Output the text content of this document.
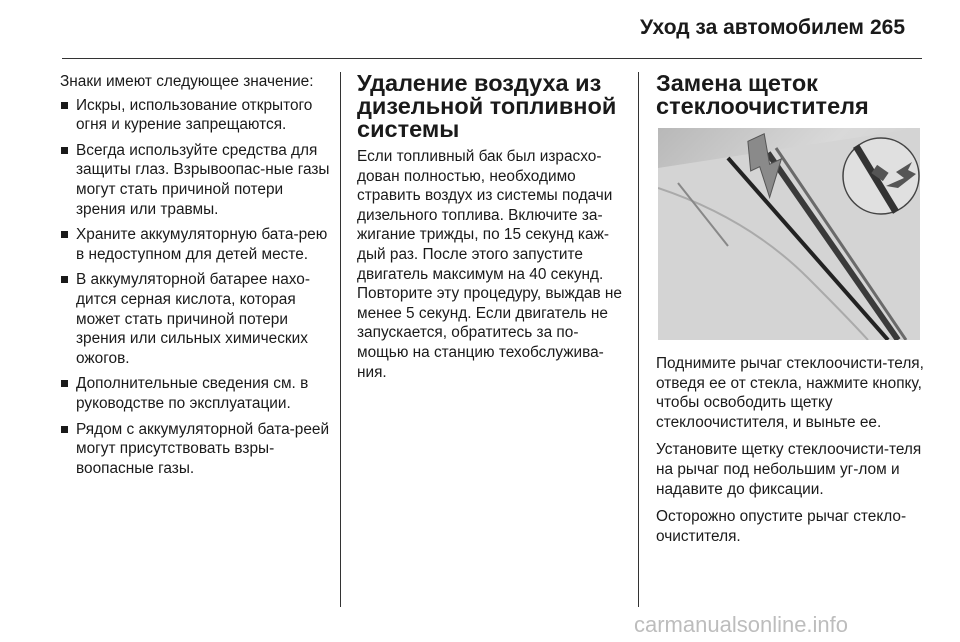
Уход за автомобилем 265

Знаки имеют следующее значение:

Искры, использование открытого огня и курение запрещаются.
Всегда используйте средства для защиты глаз. Взрывоопас-ные газы могут стать причиной потери зрения или травмы.
Храните аккумуляторную бата-рею в недоступном для детей месте.
В аккумуляторной батарее нахо-дится серная кислота, которая может стать причиной потери зрения или сильных химических ожогов.
Дополнительные сведения см. в руководстве по эксплуатации.
Рядом с аккумуляторной бата-реей могут присутствовать взры-воопасные газы.
Удаление воздуха из дизельной топливной системы

Если топливный бак был израсхо-дован полностью, необходимо стравить воздух из системы подачи дизельного топлива. Включите за-жигание трижды, по 15 секунд каж-дый раз. После этого запустите двигатель максимум на 40 секунд. Повторите эту процедуру, выждав не менее 5 секунд. Если двигатель не запускается, обратитесь за по-мощью на станцию техобслужива-ния.

Замена щеток стеклоочистителя

Поднимите рычаг стеклоочисти-теля, отведя ее от стекла, нажмите кнопку, чтобы освободить щетку стеклоочистителя, и выньте ее.

Установите щетку стеклоочисти-теля на рычаг под небольшим уг-лом и надавите до фиксации.

Осторожно опустите рычаг стекло-очистителя.

carmanualsonline.info
